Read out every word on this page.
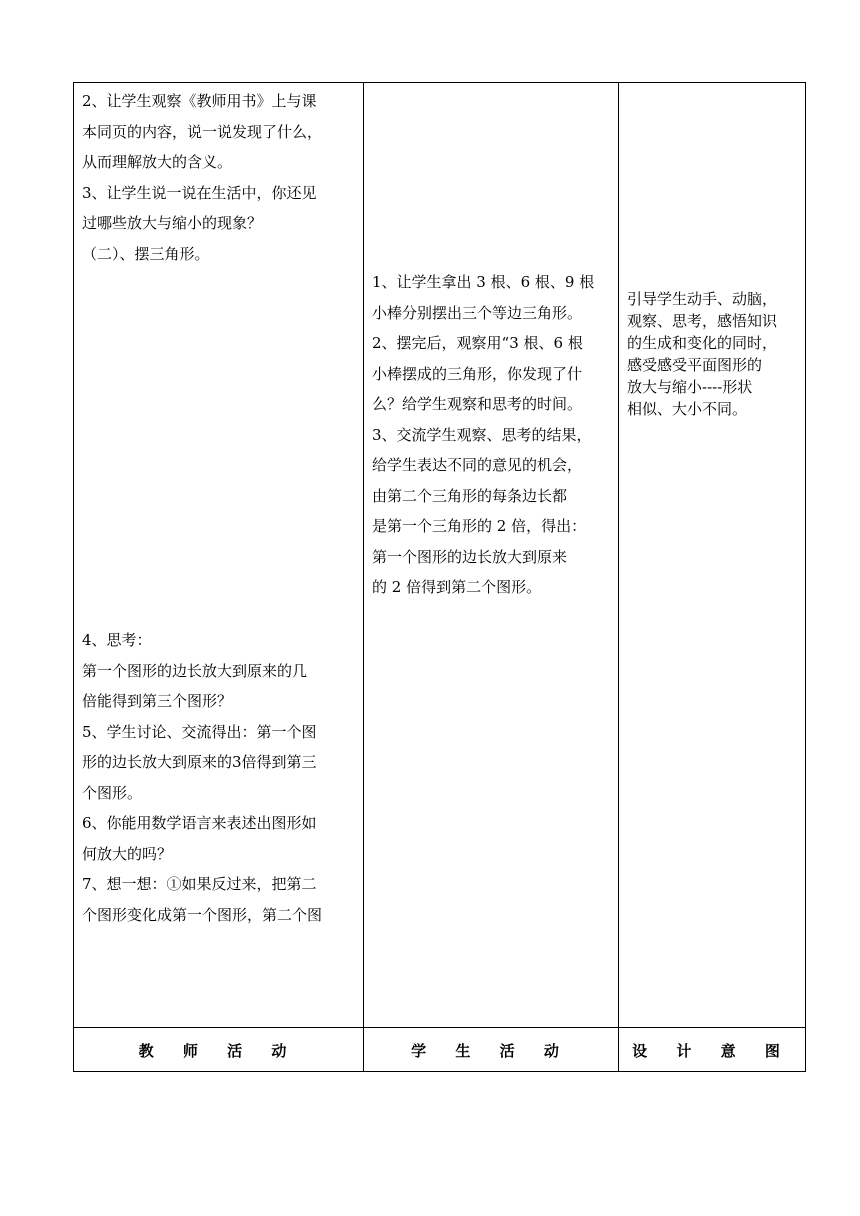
2、让学生观察《教师用书》上与课

本同页的内容，说一说发现了什么，

从而理解放大的含义。

3、让学生说一说在生活中，你还见

过哪些放大与缩小的现象？

（二）、摆三角形。

4、思考：

第一个图形的边长放大到原来的几

倍能得到第三个图形？

5、学生讨论、交流得出：第一个图

形的边长放大到原来的3倍得到第三

个图形。

6、你能用数学语言来表述出图形如

何放大的吗？

7、想一想：①如果反过来，把第二

个图形变化成第一个图形，第二个图

1、让学生拿出 3 根、6 根、9 根

小棒分别摆出三个等边三角形。

2、摆完后，观察用“3 根、6 根

小棒摆成的三角形，你发现了什

么？给学生观察和思考的时间。

3、交流学生观察、思考的结果，

给学生表达不同的意见的机会，

由第二个三角形的每条边长都

是第一个三角形的 2 倍，得出：

第一个图形的边长放大到原来

的 2 倍得到第二个图形。

引导学生动手、动脑，

观察、思考，感悟知识

的生成和变化的同时，

感受感受平面图形的

放大与缩小----形状

相似、大小不同。

教 师 活 动	学 生 活 动	设 计 意 图
